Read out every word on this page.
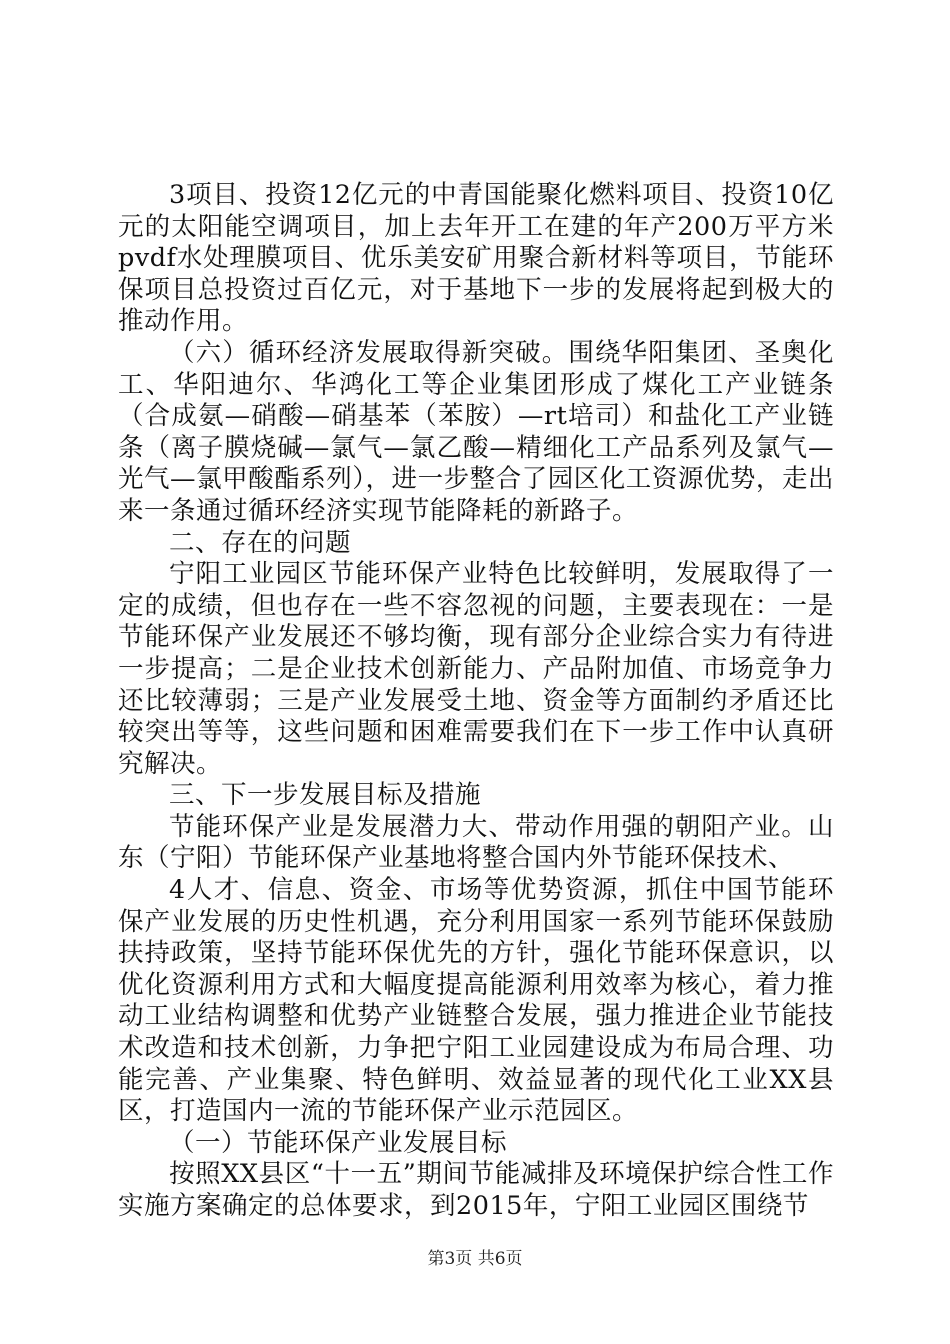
3项目、投资12亿元的中青国能聚化燃料项目、投资10亿元的太阳能空调项目，加上去年开工在建的年产200万平方米pvdf水处理膜项目、优乐美安矿用聚合新材料等项目，节能环保项目总投资过百亿元，对于基地下一步的发展将起到极大的推动作用。

（六）循环经济发展取得新突破。围绕华阳集团、圣奥化工、华阳迪尔、华鸿化工等企业集团形成了煤化工产业链条（合成氨—硝酸—硝基苯（苯胺）—rt培司）和盐化工产业链条（离子膜烧碱—氯气—氯乙酸—精细化工产品系列及氯气—光气—氯甲酸酯系列），进一步整合了园区化工资源优势，走出来一条通过循环经济实现节能降耗的新路子。

二、存在的问题

宁阳工业园区节能环保产业特色比较鲜明，发展取得了一定的成绩，但也存在一些不容忽视的问题，主要表现在：一是节能环保产业发展还不够均衡，现有部分企业综合实力有待进一步提高；二是企业技术创新能力、产品附加值、市场竞争力还比较薄弱；三是产业发展受土地、资金等方面制约矛盾还比较突出等等，这些问题和困难需要我们在下一步工作中认真研究解决。

三、下一步发展目标及措施

节能环保产业是发展潜力大、带动作用强的朝阳产业。山东（宁阳）节能环保产业基地将整合国内外节能环保技术、

4人才、信息、资金、市场等优势资源，抓住中国节能环保产业发展的历史性机遇，充分利用国家一系列节能环保鼓励扶持政策，坚持节能环保优先的方针，强化节能环保意识，以优化资源利用方式和大幅度提高能源利用效率为核心，着力推动工业结构调整和优势产业链整合发展，强力推进企业节能技术改造和技术创新，力争把宁阳工业园建设成为布局合理、功能完善、产业集聚、特色鲜明、效益显著的现代化工业XX县区，打造国内一流的节能环保产业示范园区。

（一）节能环保产业发展目标

按照XX县区“十一五”期间节能减排及环境保护综合性工作实施方案确定的总体要求，到2015年，宁阳工业园区围绕节

第3页 共6页
